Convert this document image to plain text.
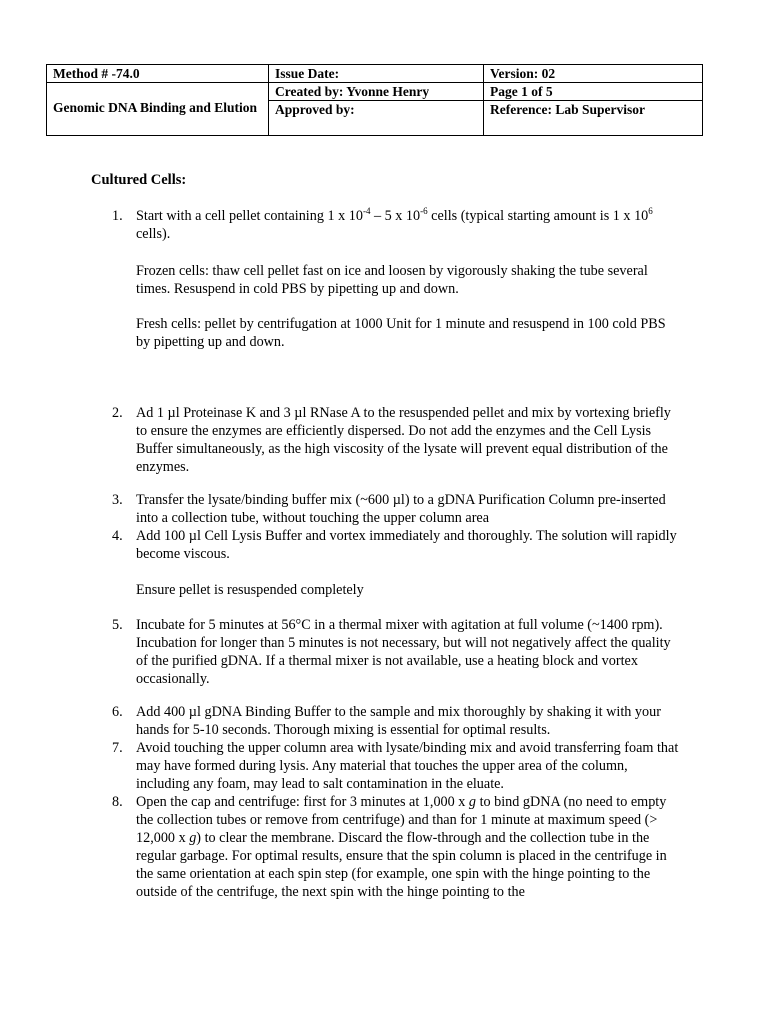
Method # -74.0	Issue Date:	Version: 02
Genomic DNA Binding and Elution	Created by: Yvonne Henry	Page 1 of 5
	Approved by:	Reference: Lab Supervisor
Cultured Cells:
1. Start with a cell pellet containing 1 x $10^{-4} - 5$ x $10^{-6}$ cells (typical starting amount is 1 x $10^6$ cells).
Frozen cells: thaw cell pellet fast on ice and loosen by vigorously shaking the tube several times. Resuspend in cold PBS by pipetting up and down.
Fresh cells: pellet by centrifugation at 1000 Unit for 1 minute and resuspend in 100 cold PBS by pipetting up and down.
2. Ad 1 µl Proteinase K and 3 µl RNase A to the resuspended pellet and mix by vortexing briefly to ensure the enzymes are efficiently dispersed. Do not add the enzymes and the Cell Lysis Buffer simultaneously, as the high viscosity of the lysate will prevent equal distribution of the enzymes.
3. Transfer the lysate/binding buffer mix (~600 µl) to a gDNA Purification Column pre-inserted into a collection tube, without touching the upper column area
4. Add 100 µl Cell Lysis Buffer and vortex immediately and thoroughly. The solution will rapidly become viscous.
Ensure pellet is resuspended completely
5. Incubate for 5 minutes at 56°C in a thermal mixer with agitation at full volume (~1400 rpm). Incubation for longer than 5 minutes is not necessary, but will not negatively affect the quality of the purified gDNA. If a thermal mixer is not available, use a heating block and vortex occasionally.
6. Add 400 µl gDNA Binding Buffer to the sample and mix thoroughly by shaking it with your hands for 5-10 seconds. Thorough mixing is essential for optimal results.
7. Avoid touching the upper column area with lysate/binding mix and avoid transferring foam that may have formed during lysis. Any material that touches the upper area of the column, including any foam, may lead to salt contamination in the eluate.
8. Open the cap and centrifuge: first for 3 minutes at 1,000 x g to bind gDNA (no need to empty the collection tubes or remove from centrifuge) and than for 1 minute at maximum speed (> 12,000 x g) to clear the membrane. Discard the flow-through and the collection tube in the regular garbage. For optimal results, ensure that the spin column is placed in the centrifuge in the same orientation at each spin step (for example, one spin with the hinge pointing to the outside of the centrifuge, the next spin with the hinge pointing to the
